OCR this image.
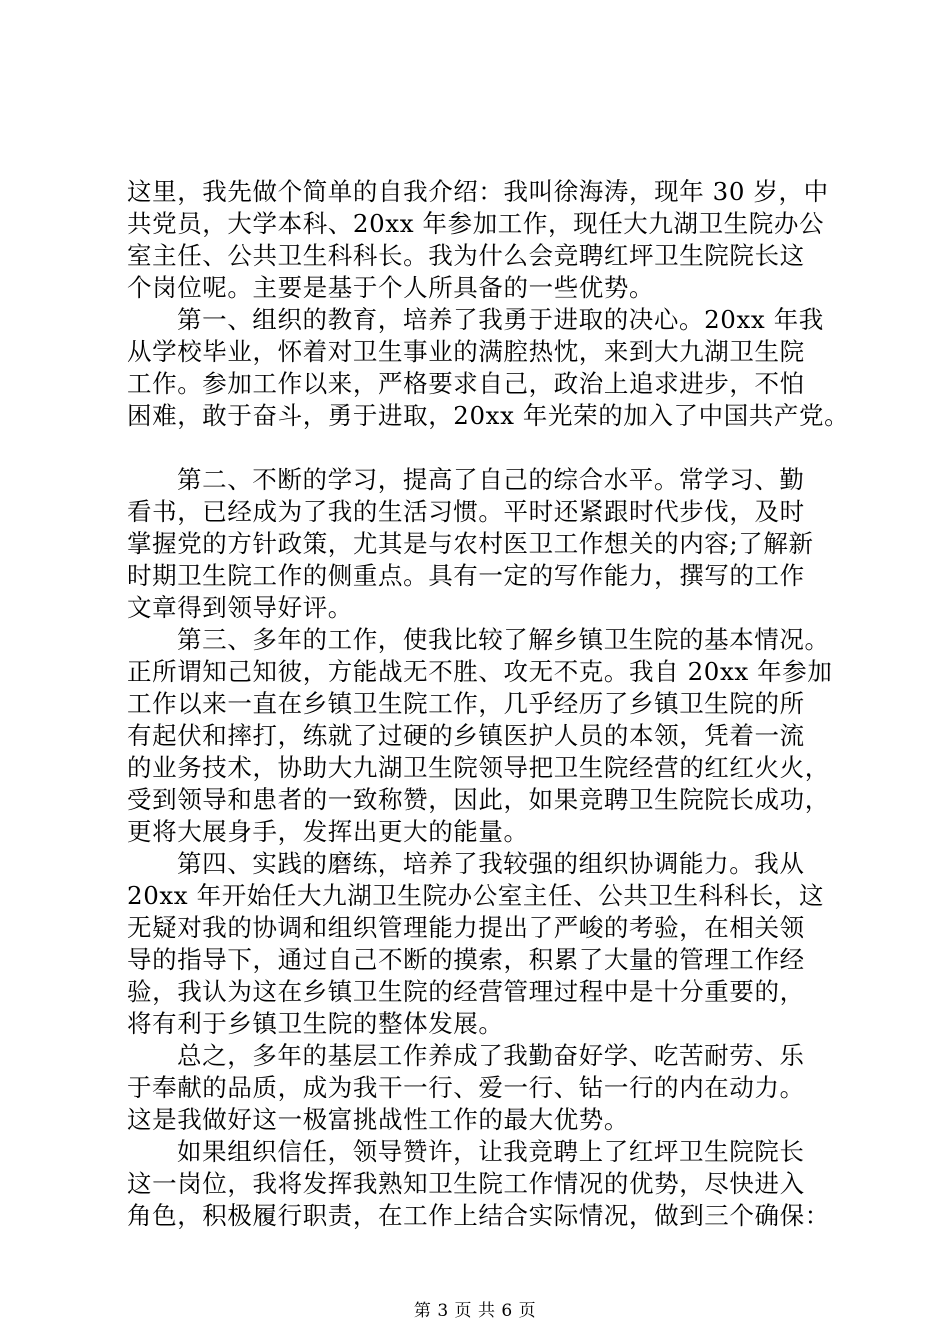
这里，我先做个简单的自我介绍：我叫徐海涛，现年 30 岁，中
共党员，大学本科、20xx 年参加工作，现任大九湖卫生院办公
室主任、公共卫生科科长。我为什么会竞聘红坪卫生院院长这
个岗位呢。主要是基于个人所具备的一些优势。
第一、组织的教育，培养了我勇于进取的决心。20xx 年我
从学校毕业，怀着对卫生事业的满腔热忱，来到大九湖卫生院
工作。参加工作以来，严格要求自己，政治上追求进步，不怕
困难，敢于奋斗，勇于进取，20xx 年光荣的加入了中国共产党。
第二、不断的学习，提高了自己的综合水平。常学习、勤
看书，已经成为了我的生活习惯。平时还紧跟时代步伐，及时
掌握党的方针政策，尤其是与农村医卫工作想关的内容;了解新
时期卫生院工作的侧重点。具有一定的写作能力，撰写的工作
文章得到领导好评。
第三、多年的工作，使我比较了解乡镇卫生院的基本情况。
正所谓知己知彼，方能战无不胜、攻无不克。我自 20xx 年参加
工作以来一直在乡镇卫生院工作，几乎经历了乡镇卫生院的所
有起伏和摔打，练就了过硬的乡镇医护人员的本领，凭着一流
的业务技术，协助大九湖卫生院领导把卫生院经营的红红火火，
受到领导和患者的一致称赞，因此，如果竞聘卫生院院长成功，
更将大展身手，发挥出更大的能量。
第四、实践的磨练，培养了我较强的组织协调能力。我从
20xx 年开始任大九湖卫生院办公室主任、公共卫生科科长，这
无疑对我的协调和组织管理能力提出了严峻的考验，在相关领
导的指导下，通过自己不断的摸索，积累了大量的管理工作经
验，我认为这在乡镇卫生院的经营管理过程中是十分重要的，
将有利于乡镇卫生院的整体发展。
总之，多年的基层工作养成了我勤奋好学、吃苦耐劳、乐
于奉献的品质，成为我干一行、爱一行、钻一行的内在动力。
这是我做好这一极富挑战性工作的最大优势。
如果组织信任，领导赞许，让我竞聘上了红坪卫生院院长
这一岗位，我将发挥我熟知卫生院工作情况的优势，尽快进入
角色，积极履行职责，在工作上结合实际情况，做到三个确保：
第 3 页 共 6 页
